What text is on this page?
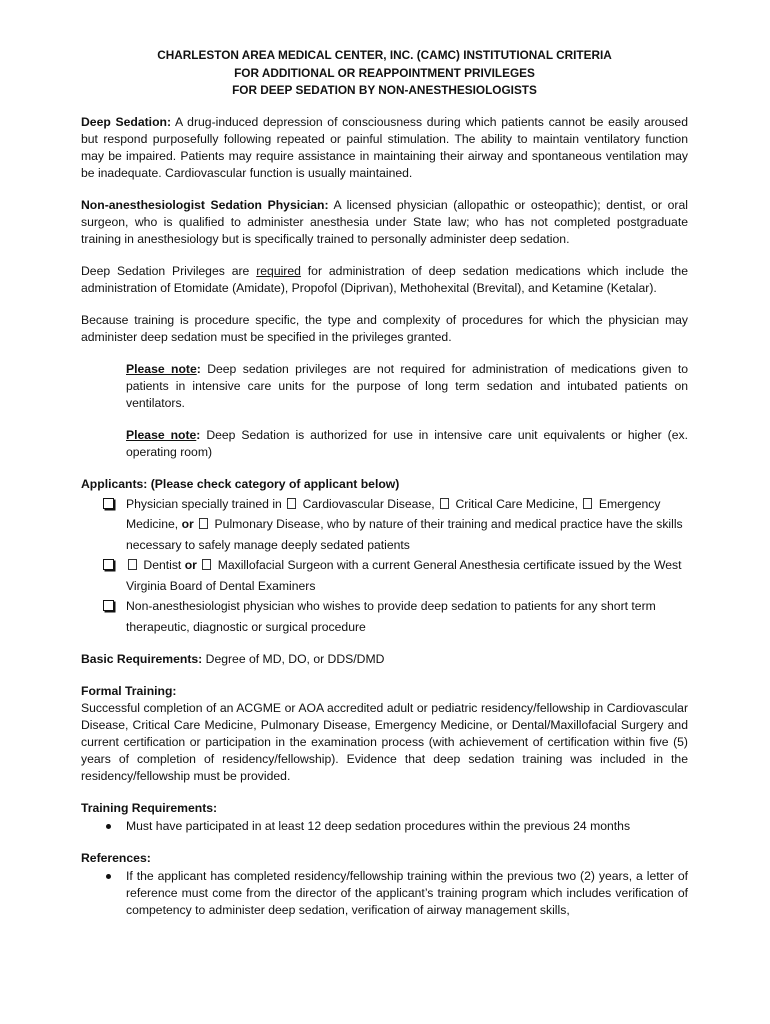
CHARLESTON AREA MEDICAL CENTER, INC. (CAMC) INSTITUTIONAL CRITERIA
FOR ADDITIONAL OR REAPPOINTMENT PRIVILEGES
FOR DEEP SEDATION BY NON-ANESTHESIOLOGISTS

Deep Sedation: A drug-induced depression of consciousness during which patients cannot be easily aroused but respond purposefully following repeated or painful stimulation. The ability to maintain ventilatory function may be impaired. Patients may require assistance in maintaining their airway and spontaneous ventilation may be inadequate. Cardiovascular function is usually maintained.

Non-anesthesiologist Sedation Physician: A licensed physician (allopathic or osteopathic); dentist, or oral surgeon, who is qualified to administer anesthesia under State law; who has not completed postgraduate training in anesthesiology but is specifically trained to personally administer deep sedation.

Deep Sedation Privileges are required for administration of deep sedation medications which include the administration of Etomidate (Amidate), Propofol (Diprivan), Methohexital (Brevital), and Ketamine (Ketalar).

Because training is procedure specific, the type and complexity of procedures for which the physician may administer deep sedation must be specified in the privileges granted.

Please note: Deep sedation privileges are not required for administration of medications given to patients in intensive care units for the purpose of long term sedation and intubated patients on ventilators.
Please note: Deep Sedation is authorized for use in intensive care unit equivalents or higher (ex. operating room)
Applicants: (Please check category of applicant below)
Physician specially trained in Cardiovascular Disease, Critical Care Medicine, Emergency Medicine, or Pulmonary Disease, who by nature of their training and medical practice have the skills necessary to safely manage deeply sedated patients
Dentist or Maxillofacial Surgeon with a current General Anesthesia certificate issued by the West Virginia Board of Dental Examiners
Non-anesthesiologist physician who wishes to provide deep sedation to patients for any short term therapeutic, diagnostic or surgical procedure

Basic Requirements: Degree of MD, DO, or DDS/DMD

Formal Training:

Successful completion of an ACGME or AOA accredited adult or pediatric residency/fellowship in Cardiovascular Disease, Critical Care Medicine, Pulmonary Disease, Emergency Medicine, or Dental/Maxillofacial Surgery and current certification or participation in the examination process (with achievement of certification within five (5) years of completion of residency/fellowship). Evidence that deep sedation training was included in the residency/fellowship must be provided.

Training Requirements:
Must have participated in at least 12 deep sedation procedures within the previous 24 months
References:
If the applicant has completed residency/fellowship training within the previous two (2) years, a letter of reference must come from the director of the applicant’s training program which includes verification of competency to administer deep sedation, verification of airway management skills,
